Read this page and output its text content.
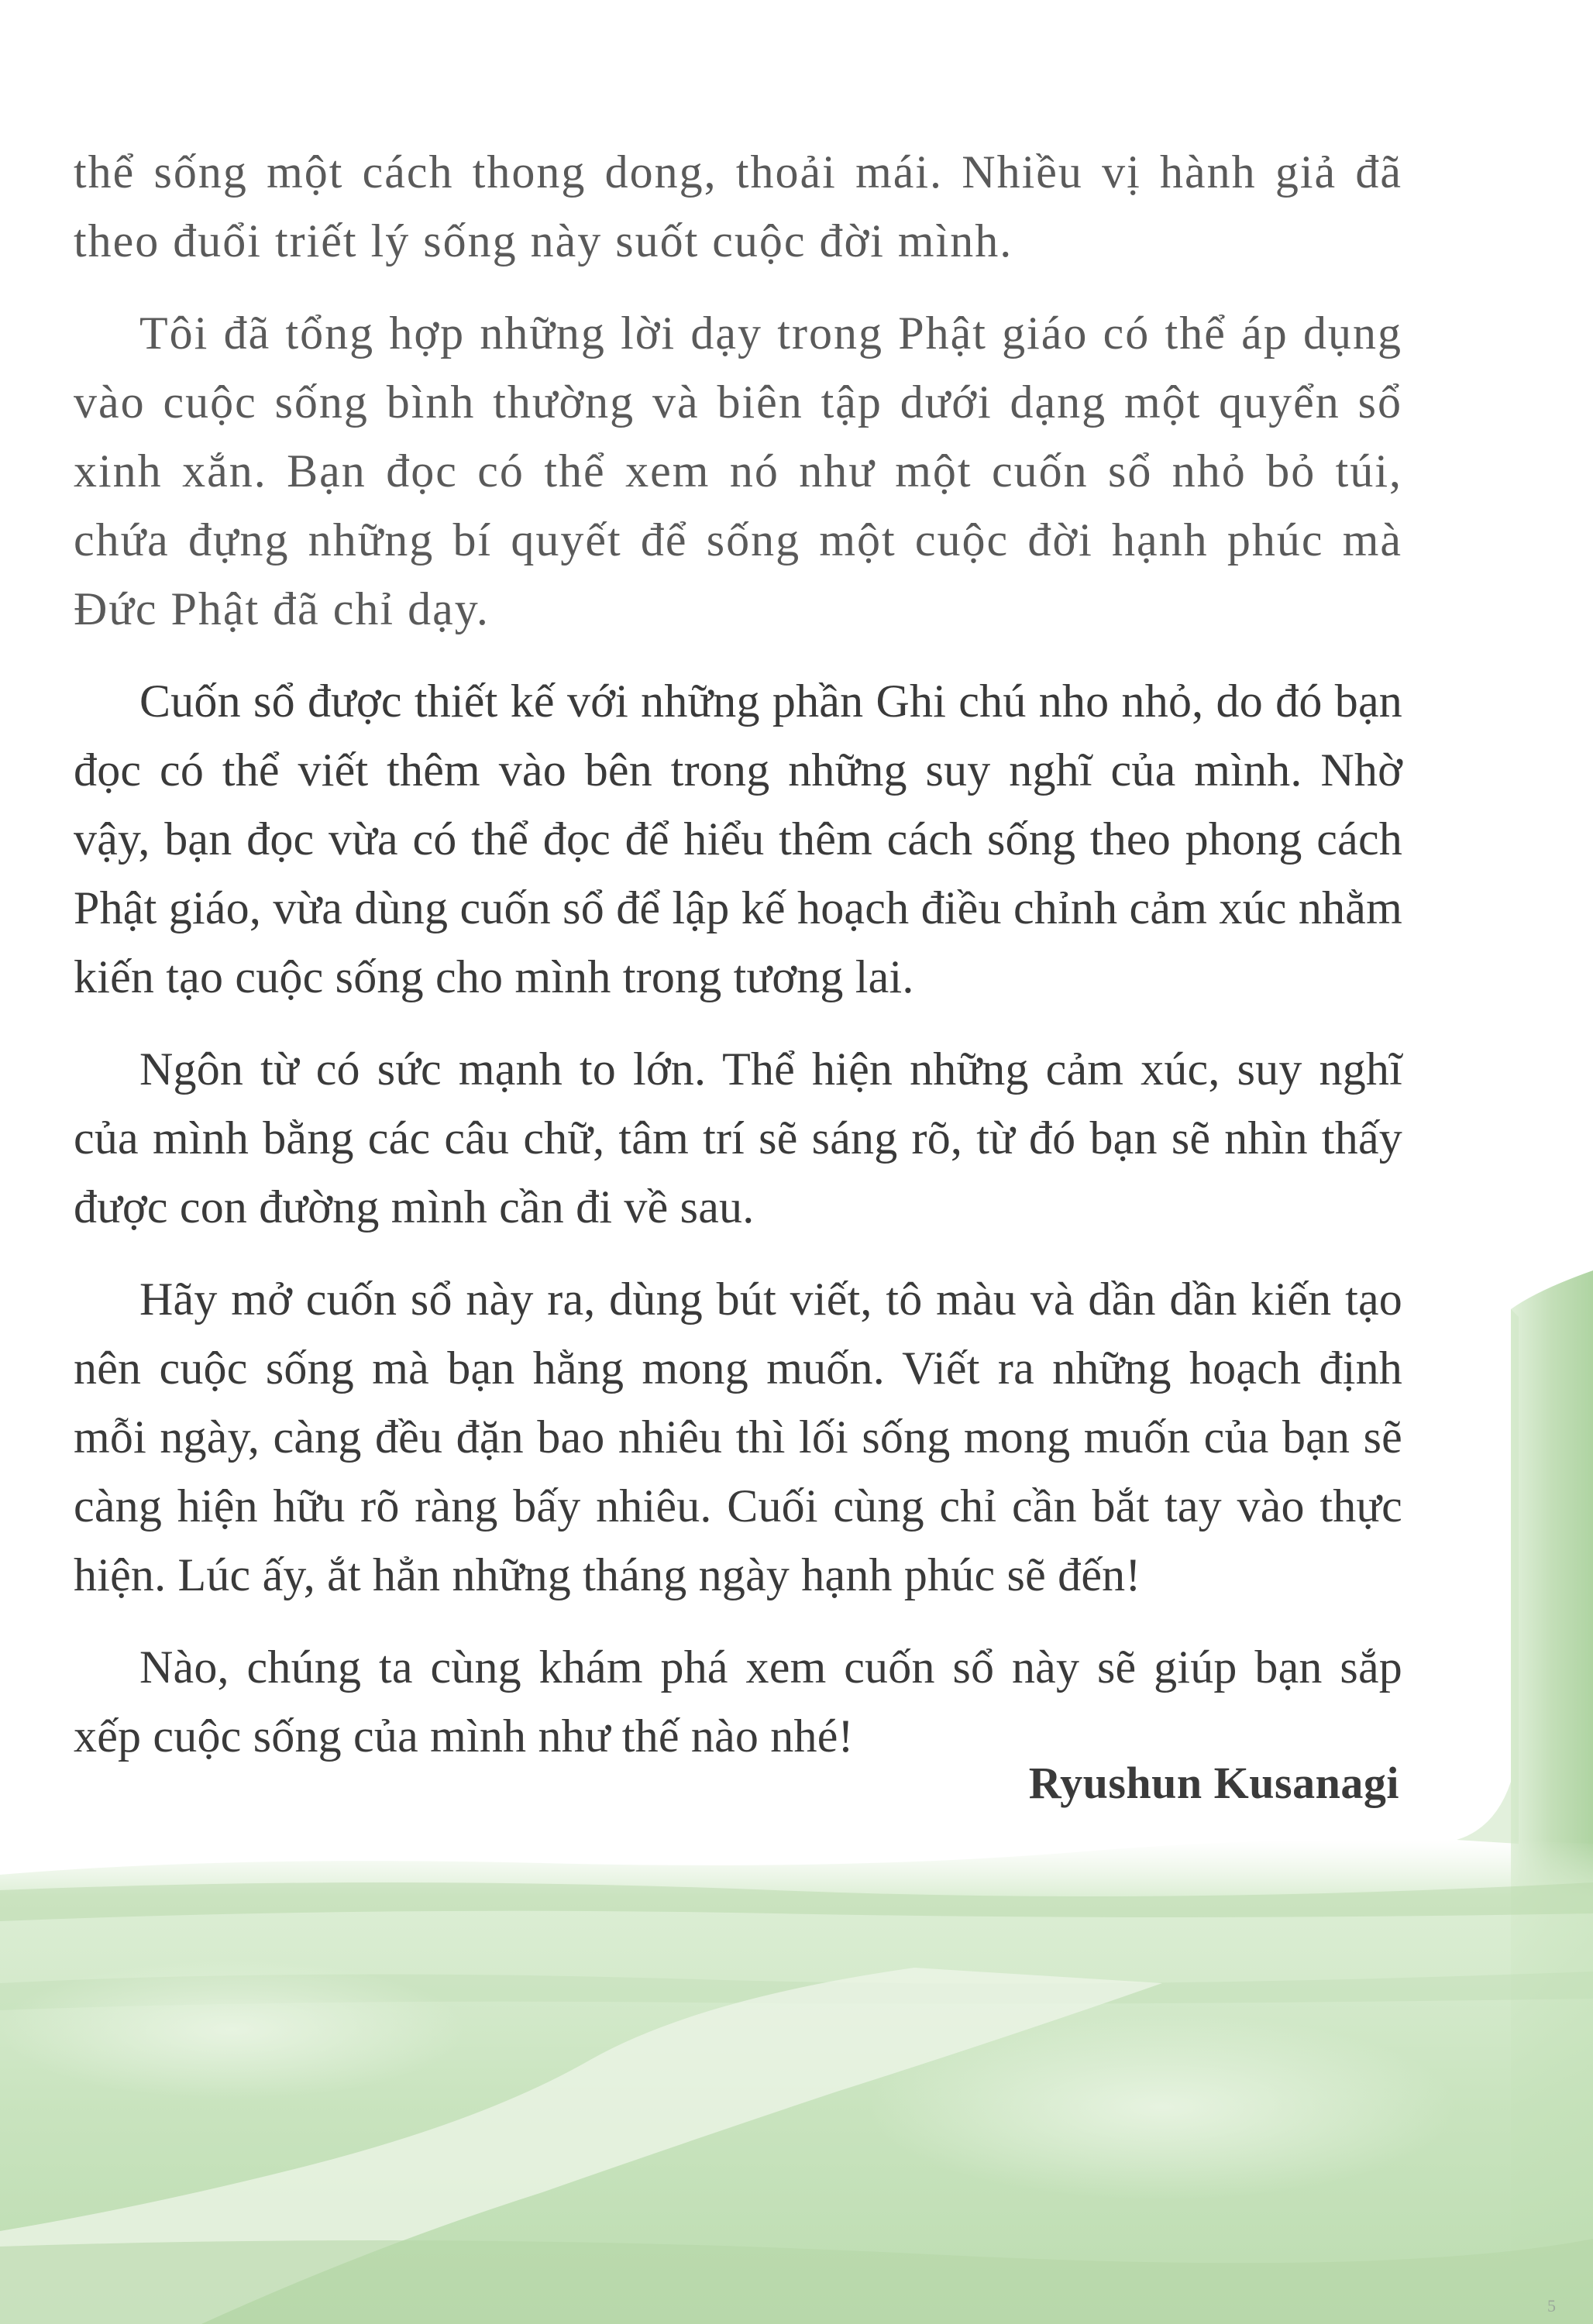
thể sống một cách thong dong, thoải mái. Nhiều vị hành giả đã theo đuổi triết lý sống này suốt cuộc đời mình.

Tôi đã tổng hợp những lời dạy trong Phật giáo có thể áp dụng vào cuộc sống bình thường và biên tập dưới dạng một quyển sổ xinh xắn. Bạn đọc có thể xem nó như một cuốn sổ nhỏ bỏ túi, chứa đựng những bí quyết để sống một cuộc đời hạnh phúc mà Đức Phật đã chỉ dạy.

Cuốn sổ được thiết kế với những phần Ghi chú nho nhỏ, do đó bạn đọc có thể viết thêm vào bên trong những suy nghĩ của mình. Nhờ vậy, bạn đọc vừa có thể đọc để hiểu thêm cách sống theo phong cách Phật giáo, vừa dùng cuốn sổ để lập kế hoạch điều chỉnh cảm xúc nhằm kiến tạo cuộc sống cho mình trong tương lai.

Ngôn từ có sức mạnh to lớn. Thể hiện những cảm xúc, suy nghĩ của mình bằng các câu chữ, tâm trí sẽ sáng rõ, từ đó bạn sẽ nhìn thấy được con đường mình cần đi về sau.

Hãy mở cuốn sổ này ra, dùng bút viết, tô màu và dần dần kiến tạo nên cuộc sống mà bạn hằng mong muốn. Viết ra những hoạch định mỗi ngày, càng đều đặn bao nhiêu thì lối sống mong muốn của bạn sẽ càng hiện hữu rõ ràng bấy nhiêu. Cuối cùng chỉ cần bắt tay vào thực hiện. Lúc ấy, ắt hẳn những tháng ngày hạnh phúc sẽ đến!

Nào, chúng ta cùng khám phá xem cuốn sổ này sẽ giúp bạn sắp xếp cuộc sống của mình như thế nào nhé!

Ryushun Kusanagi
5
